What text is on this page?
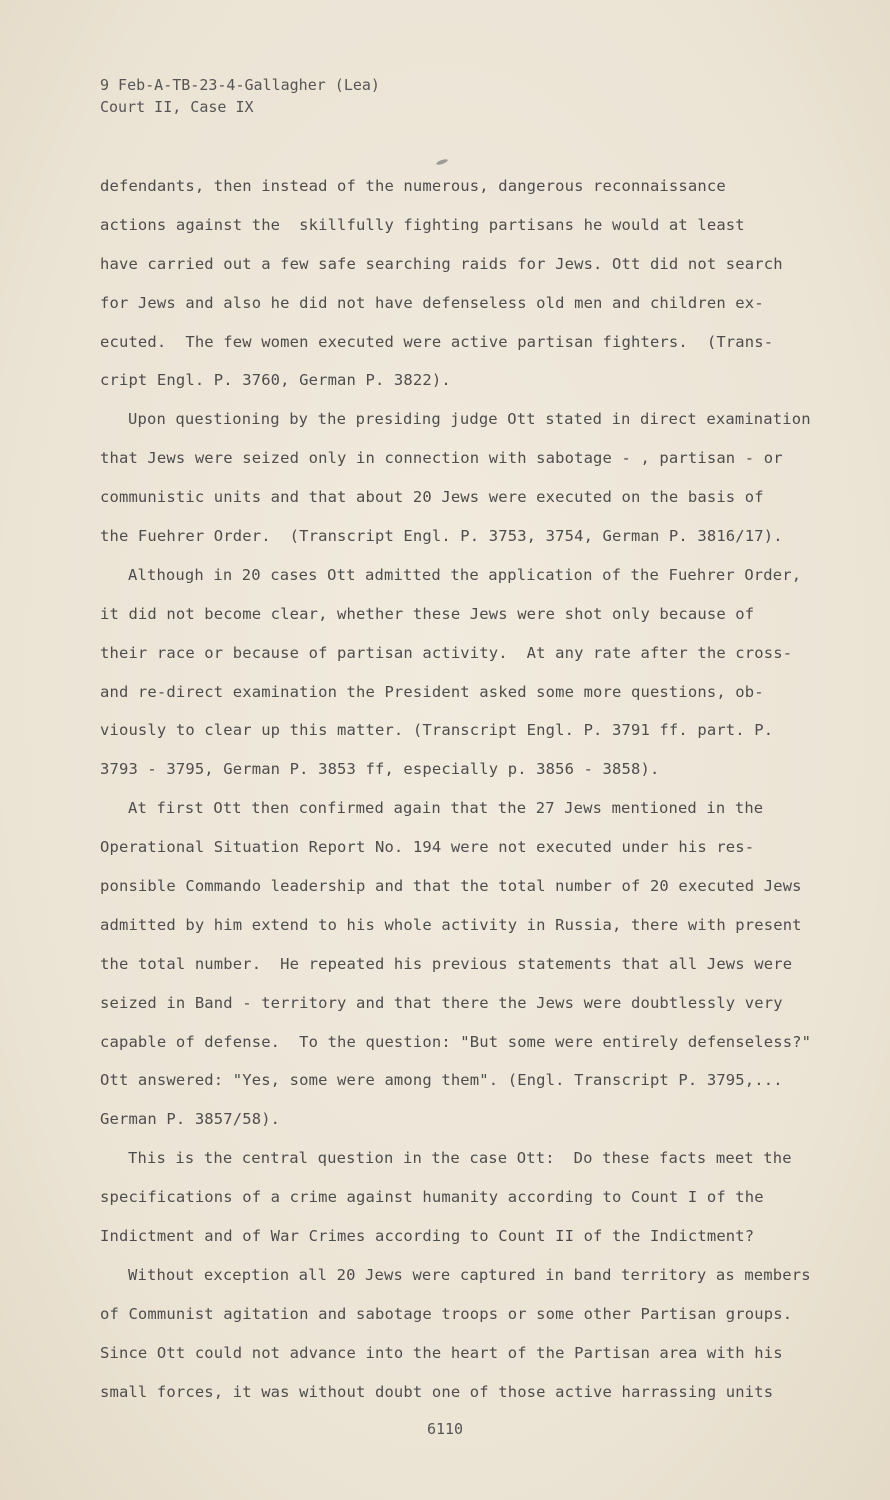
9 Feb-A-TB-23-4-Gallagher (Lea)
Court II, Case IX
defendants, then instead of the numerous, dangerous reconnaissance
actions against the  skillfully fighting partisans he would at least
have carried out a few safe searching raids for Jews. Ott did not search
for Jews and also he did not have defenseless old men and children ex-
ecuted.  The few women executed were active partisan fighters.  (Trans-
cript Engl. P. 3760, German P. 3822).
Upon questioning by the presiding judge Ott stated in direct examination
that Jews were seized only in connection with sabotage - , partisan - or
communistic units and that about 20 Jews were executed on the basis of
the Fuehrer Order.  (Transcript Engl. P. 3753, 3754, German P. 3816/17).
Although in 20 cases Ott admitted the application of the Fuehrer Order,
it did not become clear, whether these Jews were shot only because of
their race or because of partisan activity.  At any rate after the cross-
and re-direct examination the President asked some more questions, ob-
viously to clear up this matter. (Transcript Engl. P. 3791 ff. part. P.
3793 - 3795, German P. 3853 ff, especially p. 3856 - 3858).
At first Ott then confirmed again that the 27 Jews mentioned in the
Operational Situation Report No. 194 were not executed under his res-
ponsible Commando leadership and that the total number of 20 executed Jews
admitted by him extend to his whole activity in Russia, there with present
the total number.  He repeated his previous statements that all Jews were
seized in Band - territory and that there the Jews were doubtlessly very
capable of defense.  To the question: "But some were entirely defenseless?"
Ott answered: "Yes, some were among them". (Engl. Transcript P. 3795,...
German P. 3857/58).
This is the central question in the case Ott:  Do these facts meet the
specifications of a crime against humanity according to Count I of the
Indictment and of War Crimes according to Count II of the Indictment?
Without exception all 20 Jews were captured in band territory as members
of Communist agitation and sabotage troops or some other Partisan groups.
Since Ott could not advance into the heart of the Partisan area with his
small forces, it was without doubt one of those active harrassing units
6110
